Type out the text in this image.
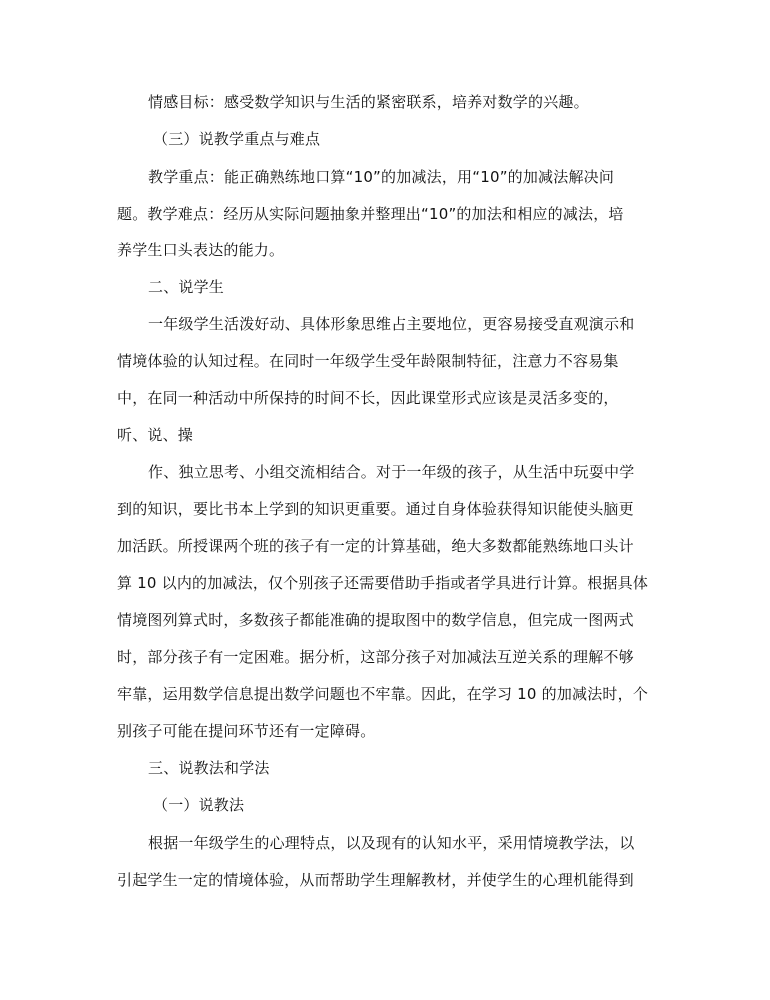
情感目标：感受数学知识与生活的紧密联系，培养对数学的兴趣。
（三）说教学重点与难点
教学重点：能正确熟练地口算“10”的加减法，用“10”的加减法解决问
题。教学难点：经历从实际问题抽象并整理出“10”的加法和相应的减法，培
养学生口头表达的能力。
二、说学生
一年级学生活泼好动、具体形象思维占主要地位，更容易接受直观演示和
情境体验的认知过程。在同时一年级学生受年龄限制特征，注意力不容易集
中，在同一种活动中所保持的时间不长，因此课堂形式应该是灵活多变的，
听、说、操
作、独立思考、小组交流相结合。对于一年级的孩子，从生活中玩耍中学
到的知识，要比书本上学到的知识更重要。通过自身体验获得知识能使头脑更
加活跃。所授课两个班的孩子有一定的计算基础，绝大多数都能熟练地口头计
算 10 以内的加减法，仅个别孩子还需要借助手指或者学具进行计算。根据具体
情境图列算式时，多数孩子都能准确的提取图中的数学信息，但完成一图两式
时，部分孩子有一定困难。据分析，这部分孩子对加减法互逆关系的理解不够
牢靠，运用数学信息提出数学问题也不牢靠。因此，在学习 10 的加减法时，个
别孩子可能在提问环节还有一定障碍。
三、说教法和学法
（一）说教法
根据一年级学生的心理特点，以及现有的认知水平，采用情境教学法，以
引起学生一定的情境体验，从而帮助学生理解教材，并使学生的心理机能得到
